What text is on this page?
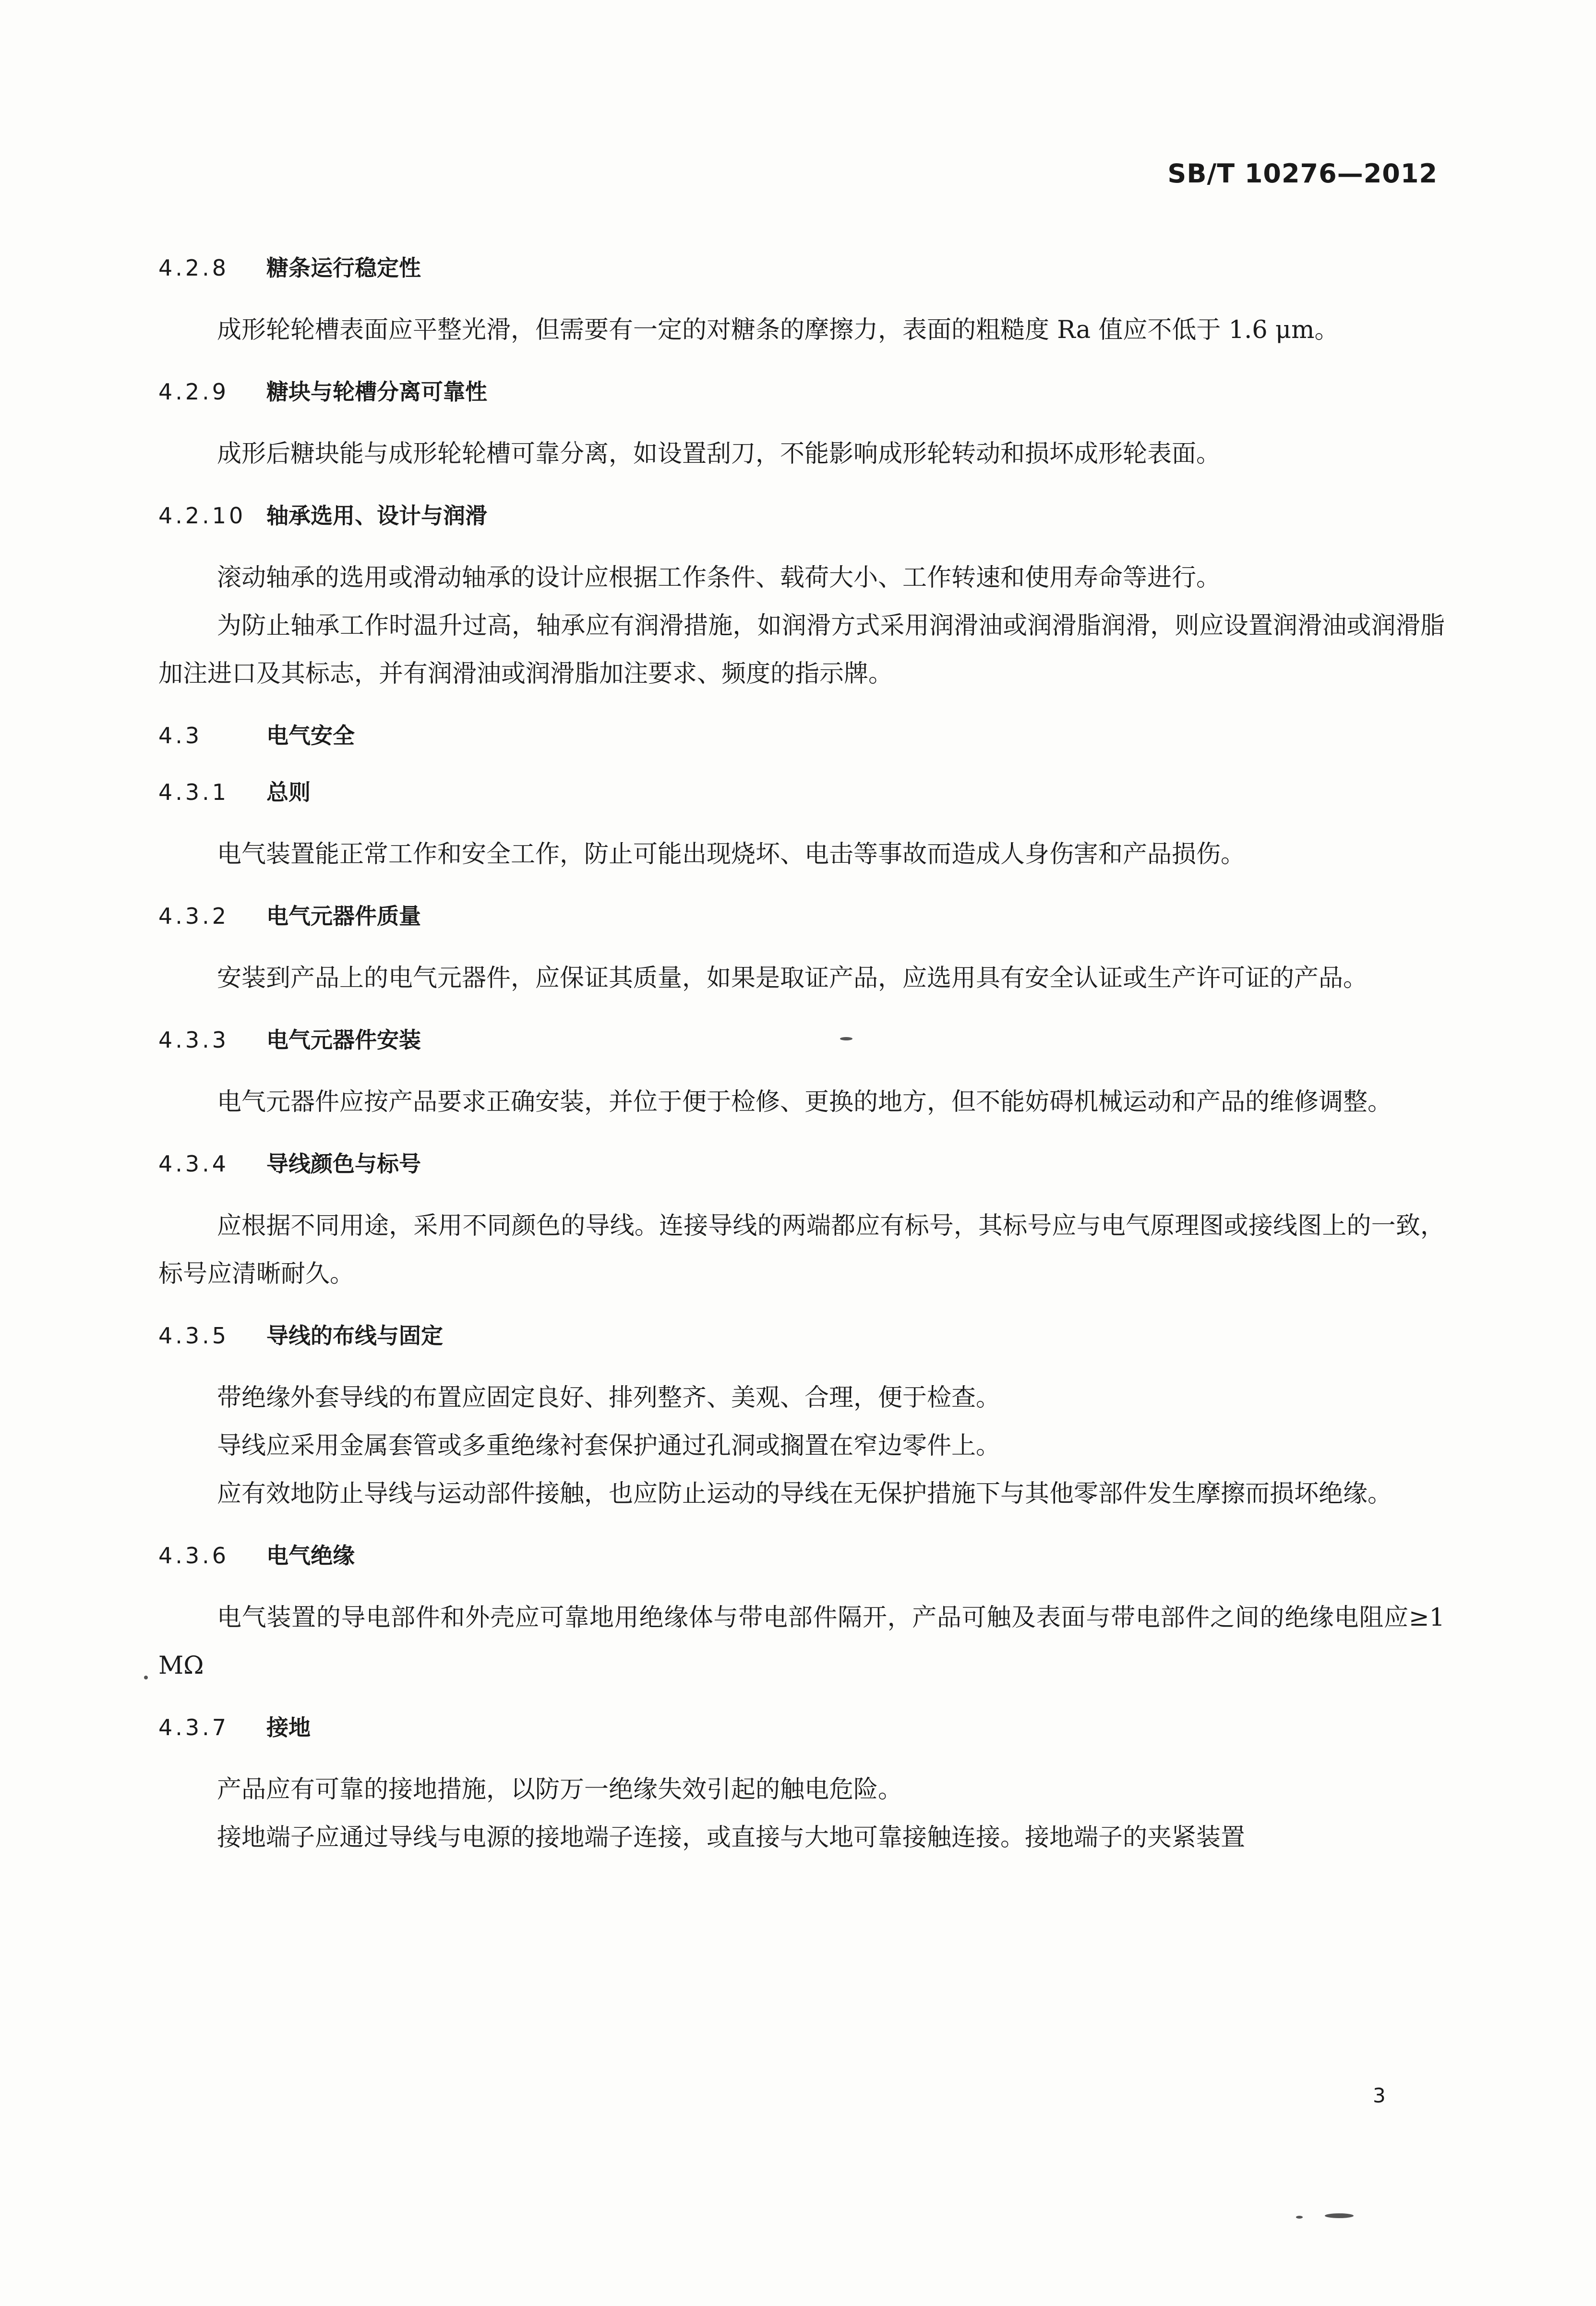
SB/T 10276—2012
4.2.8 糖条运行稳定性

成形轮轮槽表面应平整光滑，但需要有一定的对糖条的摩擦力，表面的粗糙度 Ra 值应不低于 1.6 μm。

4.2.9 糖块与轮槽分离可靠性

成形后糖块能与成形轮轮槽可靠分离，如设置刮刀，不能影响成形轮转动和损坏成形轮表面。

4.2.10 轴承选用、设计与润滑

滚动轴承的选用或滑动轴承的设计应根据工作条件、载荷大小、工作转速和使用寿命等进行。

为防止轴承工作时温升过高，轴承应有润滑措施，如润滑方式采用润滑油或润滑脂润滑，则应设置润滑油或润滑脂加注进口及其标志，并有润滑油或润滑脂加注要求、频度的指示牌。

4.3	电气安全
4.3.1 总则

电气装置能正常工作和安全工作，防止可能出现烧坏、电击等事故而造成人身伤害和产品损伤。

4.3.2 电气元器件质量

安装到产品上的电气元器件，应保证其质量，如果是取证产品，应选用具有安全认证或生产许可证的产品。

4.3.3 电气元器件安装

电气元器件应按产品要求正确安装，并位于便于检修、更换的地方，但不能妨碍机械运动和产品的维修调整。

4.3.4 导线颜色与标号

应根据不同用途，采用不同颜色的导线。连接导线的两端都应有标号，其标号应与电气原理图或接线图上的一致，标号应清晰耐久。

4.3.5 导线的布线与固定

带绝缘外套导线的布置应固定良好、排列整齐、美观、合理，便于检查。

导线应采用金属套管或多重绝缘衬套保护通过孔洞或搁置在窄边零件上。

应有效地防止导线与运动部件接触，也应防止运动的导线在无保护措施下与其他零部件发生摩擦而损坏绝缘。

4.3.6 电气绝缘

电气装置的导电部件和外壳应可靠地用绝缘体与带电部件隔开，产品可触及表面与带电部件之间的绝缘电阻应≥1 MΩ

4.3.7 接地

产品应有可靠的接地措施，以防万一绝缘失效引起的触电危险。

接地端子应通过导线与电源的接地端子连接，或直接与大地可靠接触连接。接地端子的夹紧装置

3
